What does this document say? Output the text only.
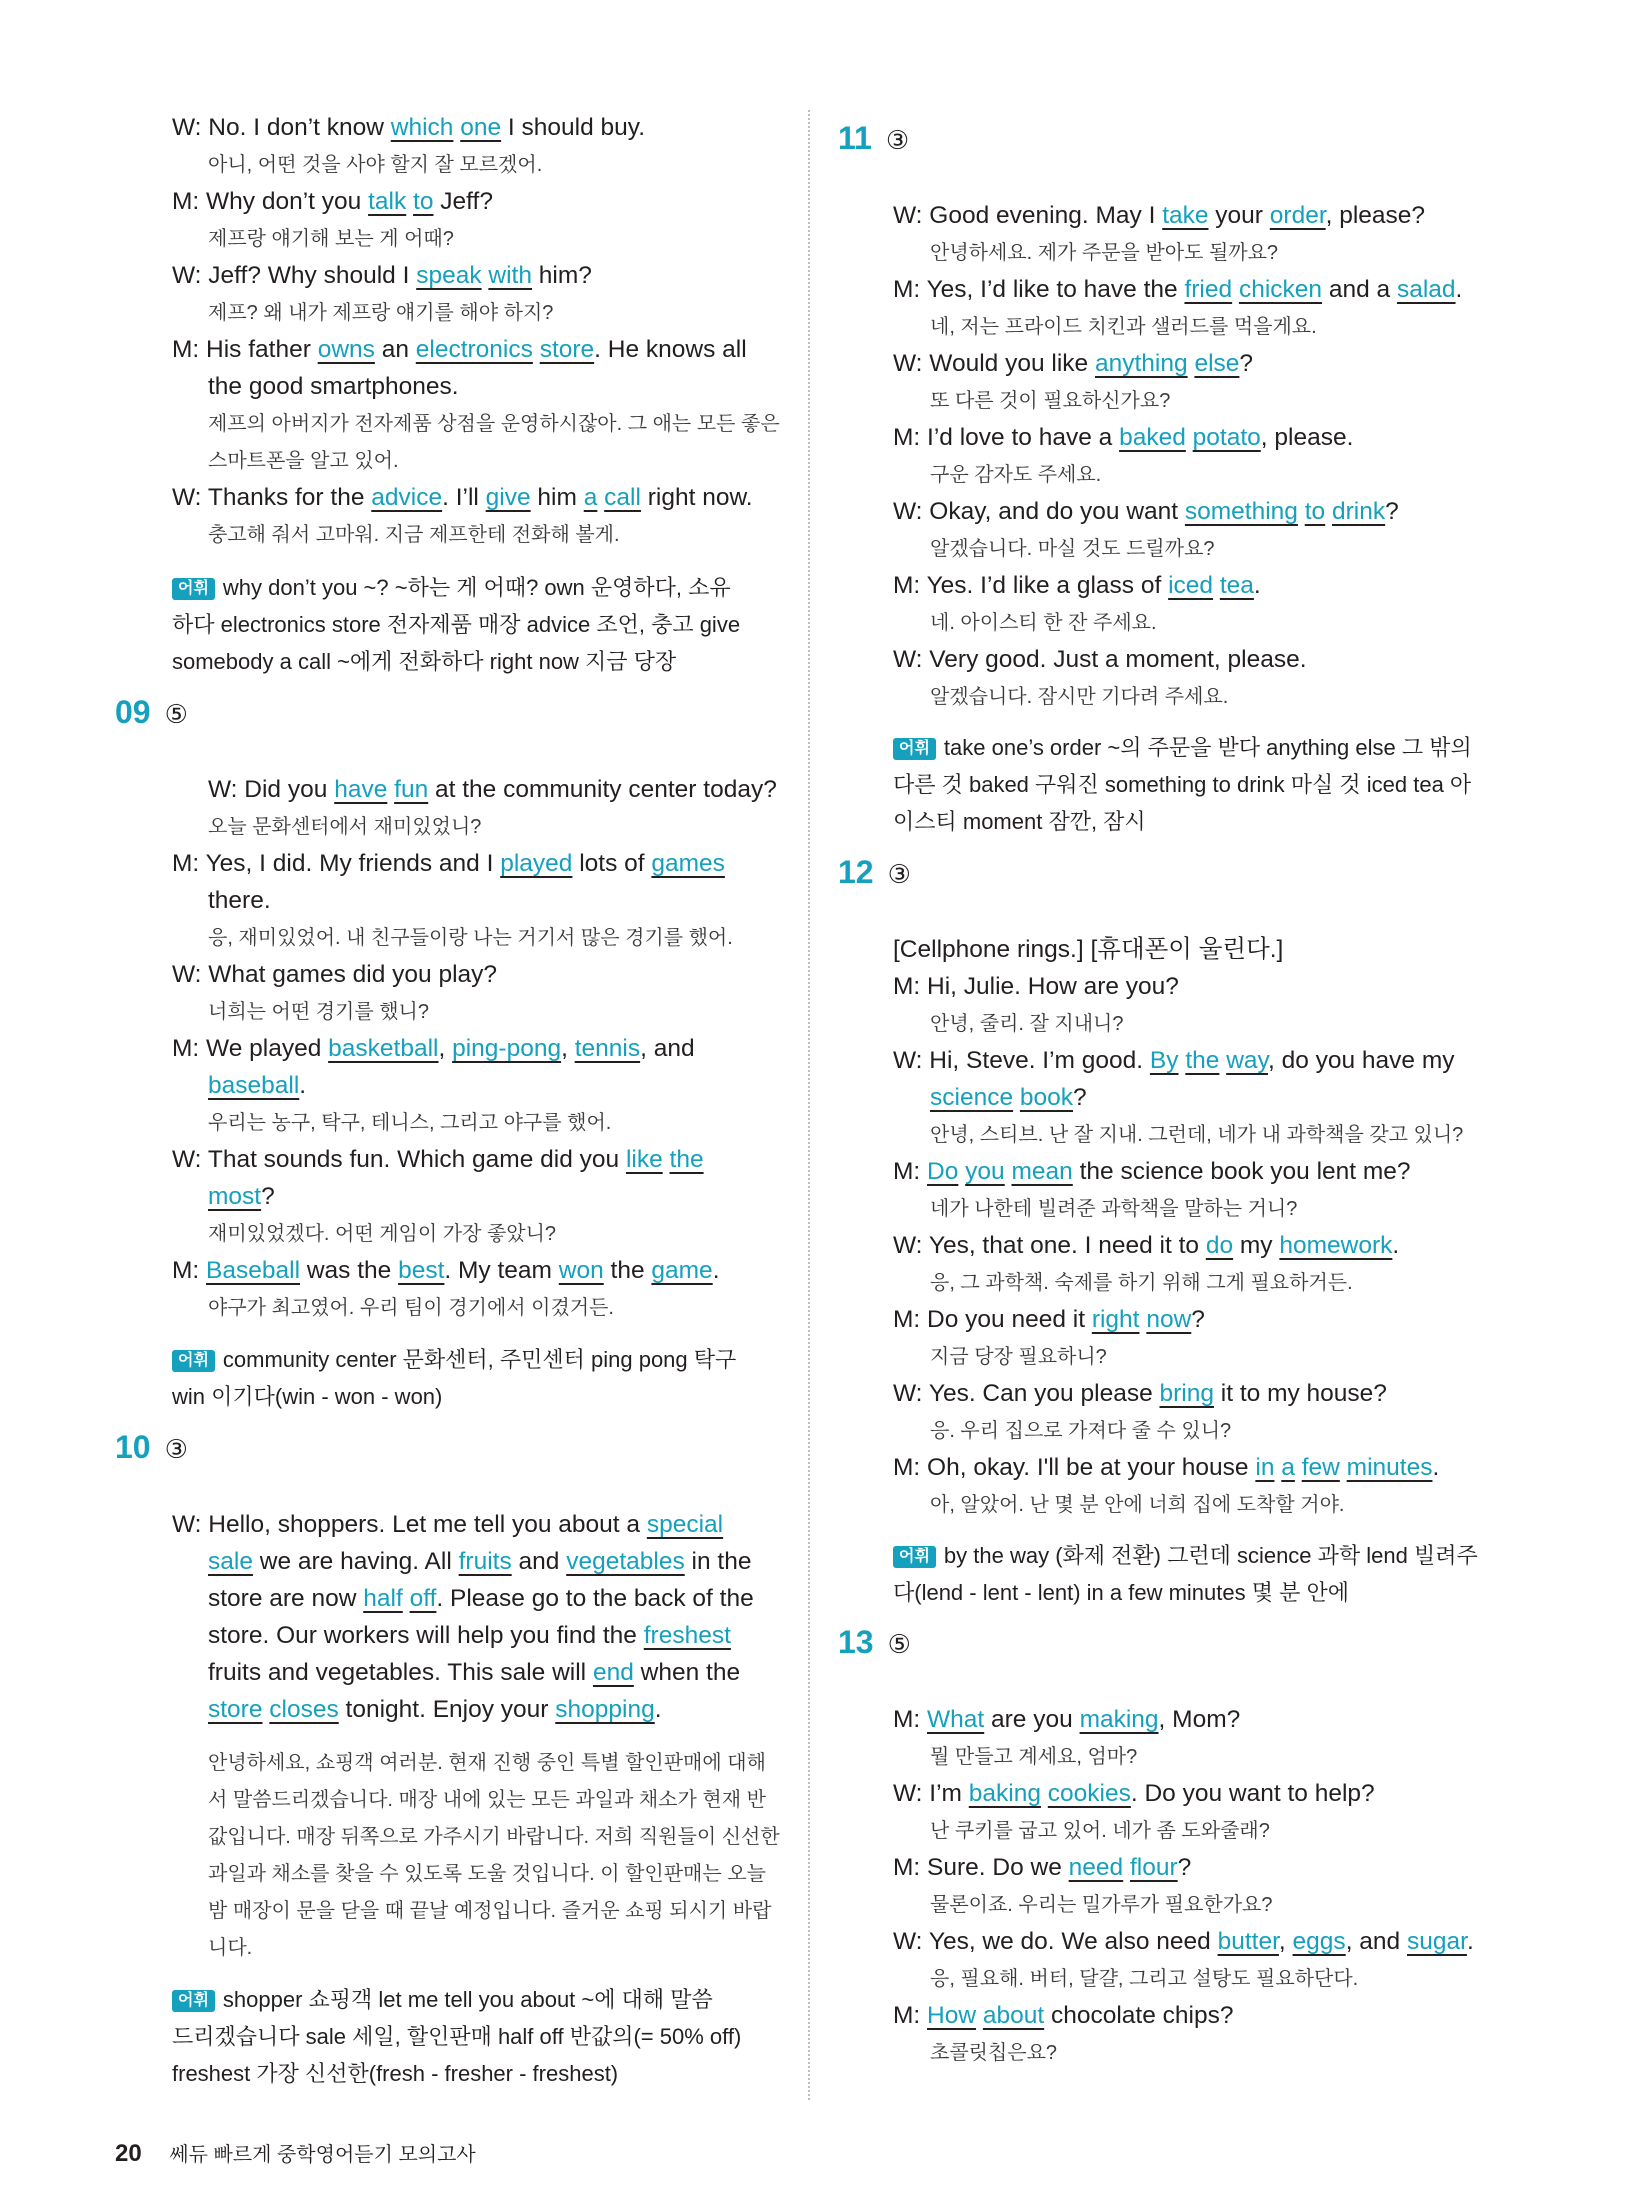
W: No. I don’t know which one I should buy.
아니, 어떤 것을 사야 할지 잘 모르겠어.
M: Why don’t you talk to Jeff?
제프랑 얘기해 보는 게 어때?
W: Jeff? Why should I speak with him?
제프? 왜 내가 제프랑 얘기를 해야 하지?
M: His father owns an electronics store. He knows all
the good smartphones.
제프의 아버지가 전자제품 상점을 운영하시잖아. 그 애는 모든 좋은
스마트폰을 알고 있어.
W: Thanks for the advice. I’ll give him a call right now.
충고해 줘서 고마워. 지금 제프한테 전화해 볼게.
어휘 why don’t you ~? ~하는 게 어때? own 운영하다, 소유
하다 electronics store 전자제품 매장 advice 조언, 충고 give
somebody a call ~에게 전화하다 right now 지금 당장
W: Did you have fun at the community center today?
오늘 문화센터에서 재미있었니?
M: Yes, I did. My friends and I played lots of games
there.
응, 재미있었어. 내 친구들이랑 나는 거기서 많은 경기를 했어.
W: What games did you play?
너희는 어떤 경기를 했니?
M: We played basketball, ping-pong, tennis, and
baseball.
우리는 농구, 탁구, 테니스, 그리고 야구를 했어.
W: That sounds fun. Which game did you like the
most?
재미있었겠다. 어떤 게임이 가장 좋았니?
M: Baseball was the best. My team won the game.
야구가 최고였어. 우리 팀이 경기에서 이겼거든.
어휘 community center 문화센터, 주민센터 ping pong 탁구
win 이기다(win - won - won)
W: Hello, shoppers. Let me tell you about a special
sale we are having. All fruits and vegetables in the
store are now half off. Please go to the back of the
store. Our workers will help you find the freshest
fruits and vegetables. This sale will end when the
store closes tonight. Enjoy your shopping.
안녕하세요, 쇼핑객 여러분. 현재 진행 중인 특별 할인판매에 대해
서 말씀드리겠습니다. 매장 내에 있는 모든 과일과 채소가 현재 반
값입니다. 매장 뒤쪽으로 가주시기 바랍니다. 저희 직원들이 신선한
과일과 채소를 찾을 수 있도록 도울 것입니다. 이 할인판매는 오늘
밤 매장이 문을 닫을 때 끝날 예정입니다. 즐거운 쇼핑 되시기 바랍
니다.
어휘 shopper 쇼핑객 let me tell you about ~에 대해 말씀
드리겠습니다 sale 세일, 할인판매 half off 반값의(= 50% off)
freshest 가장 신선한(fresh - fresher - freshest)
W: Good evening. May I take your order, please?
안녕하세요. 제가 주문을 받아도 될까요?
M: Yes, I’d like to have the fried chicken and a salad.
네, 저는 프라이드 치킨과 샐러드를 먹을게요.
W: Would you like anything else?
또 다른 것이 필요하신가요?
M: I’d love to have a baked potato, please.
구운 감자도 주세요.
W: Okay, and do you want something to drink?
알겠습니다. 마실 것도 드릴까요?
M: Yes. I’d like a glass of iced tea.
네. 아이스티 한 잔 주세요.
W: Very good. Just a moment, please.
알겠습니다. 잠시만 기다려 주세요.
어휘 take one’s order ~의 주문을 받다 anything else 그 밖의
다른 것 baked 구워진 something to drink 마실 것 iced tea 아
이스티 moment 잠깐, 잠시
[Cellphone rings.] [휴대폰이 울린다.]
M: Hi, Julie. How are you?
안녕, 줄리. 잘 지내니?
W: Hi, Steve. I’m good. By the way, do you have my
science book?
안녕, 스티브. 난 잘 지내. 그런데, 네가 내 과학책을 갖고 있니?
M: Do you mean the science book you lent me?
네가 나한테 빌려준 과학책을 말하는 거니?
W: Yes, that one. I need it to do my homework.
응, 그 과학책. 숙제를 하기 위해 그게 필요하거든.
M: Do you need it right now?
지금 당장 필요하니?
W: Yes. Can you please bring it to my house?
응. 우리 집으로 가져다 줄 수 있니?
M: Oh, okay. I'll be at your house in a few minutes.
아, 알았어. 난 몇 분 안에 너희 집에 도착할 거야.
어휘 by the way (화제 전환) 그런데 science 과학 lend 빌려주
다(lend - lent - lent) in a few minutes 몇 분 안에
M: What are you making, Mom?
뭘 만들고 계세요, 엄마?
W: I’m baking cookies. Do you want to help?
난 쿠키를 굽고 있어. 네가 좀 도와줄래?
M: Sure. Do we need flour?
물론이죠. 우리는 밀가루가 필요한가요?
W: Yes, we do. We also need butter, eggs, and sugar.
응, 필요해. 버터, 달걀, 그리고 설탕도 필요하단다.
M: How about chocolate chips?
초콜릿칩은요?
09 ⑤
10 ③
11 ③
12 ③
13 ⑤
20 쎄듀 빠르게 중학영어듣기 모의고사
